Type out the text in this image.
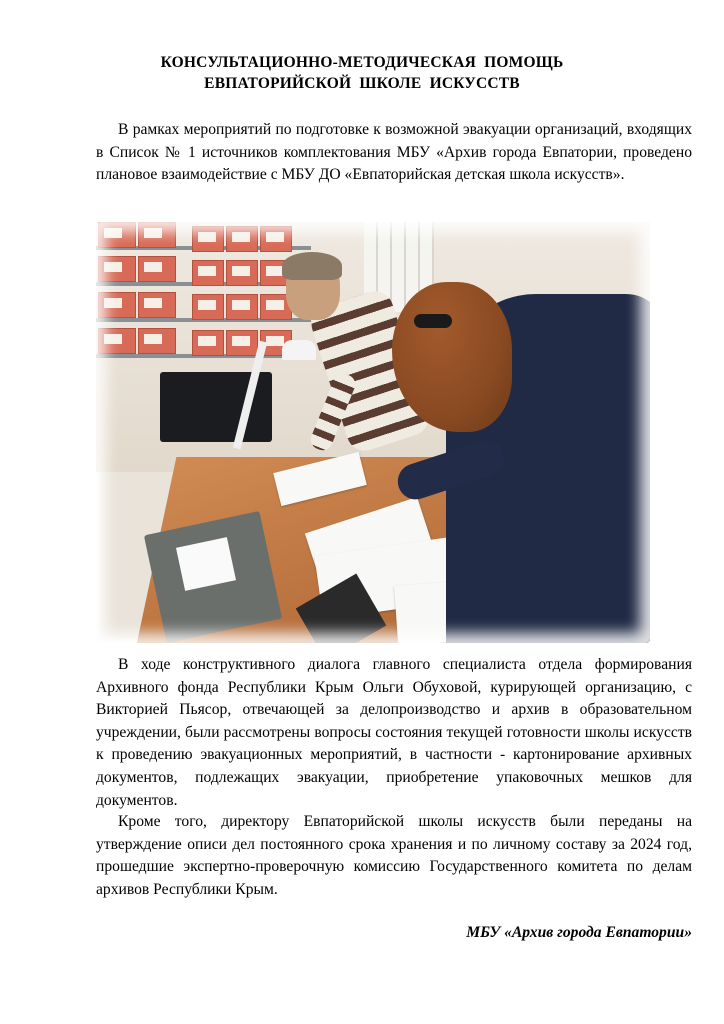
КОНСУЛЬТАЦИОННО-МЕТОДИЧЕСКАЯ  ПОМОЩЬ
ЕВПАТОРИЙСКОЙ  ШКОЛЕ  ИСКУССТВ

В рамках мероприятий по подготовке к возможной эвакуации организаций, входящих в Список № 1 источников комплектования МБУ «Архив города Евпатории, проведено плановое взаимодействие с МБУ ДО «Евпаторийская детская школа искусств».

В ходе конструктивного диалога главного специалиста отдела формирования Архивного фонда Республики Крым Ольги Обуховой, курирующей организацию, с Викторией Пьясор, отвечающей за делопроизводство и архив в образовательном учреждении, были рассмотрены вопросы состояния текущей готовности школы искусств к проведению эвакуационных мероприятий, в частности - картонирование архивных документов, подлежащих эвакуации, приобретение упаковочных мешков для документов.

Кроме того, директору Евпаторийской школы искусств были переданы на утверждение описи дел постоянного срока хранения и по личному составу за 2024 год, прошедшие экспертно-проверочную комиссию Государственного комитета по делам архивов Республики Крым.

МБУ «Архив города Евпатории»
